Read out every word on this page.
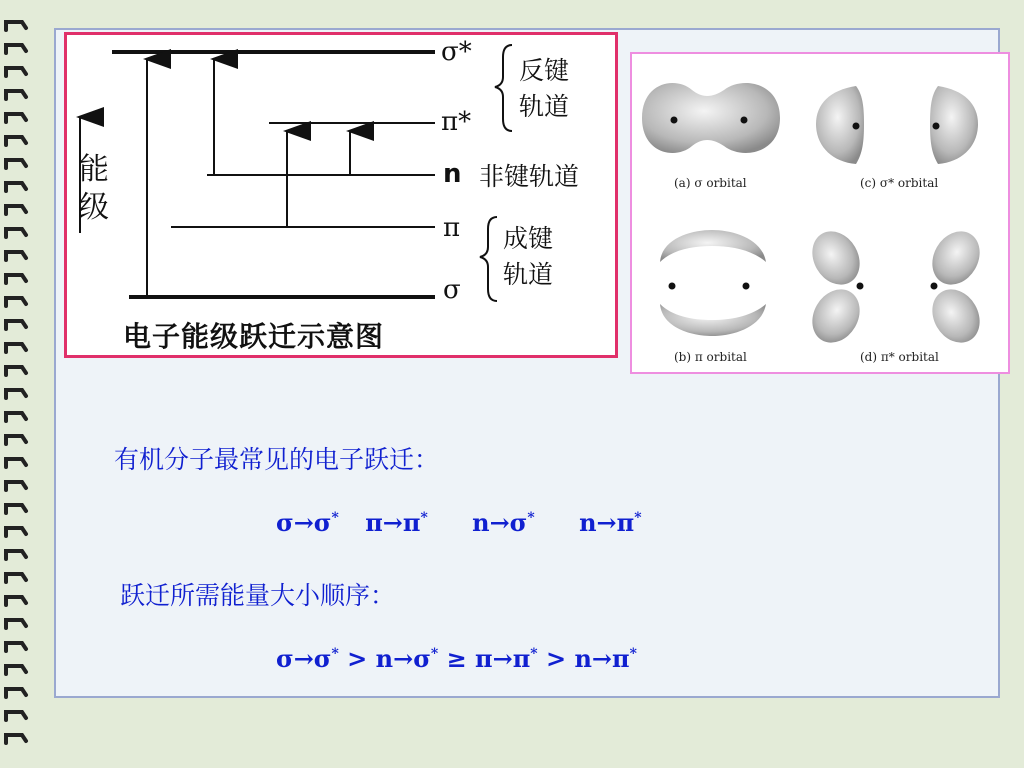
能级
σ*
π*
n
π
σ
反键轨道
非键轨道
成键轨道
电子能级跃迁示意图
(a) σ orbital	(c) σ* orbital
(b) π orbital	(d) π* orbital
有机分子最常见的电子跃迁：
σ→σ* π→π* n→σ* n→π*
跃迁所需能量大小顺序：
σ→σ* > n→σ* ≥ π→π* > n→π*
